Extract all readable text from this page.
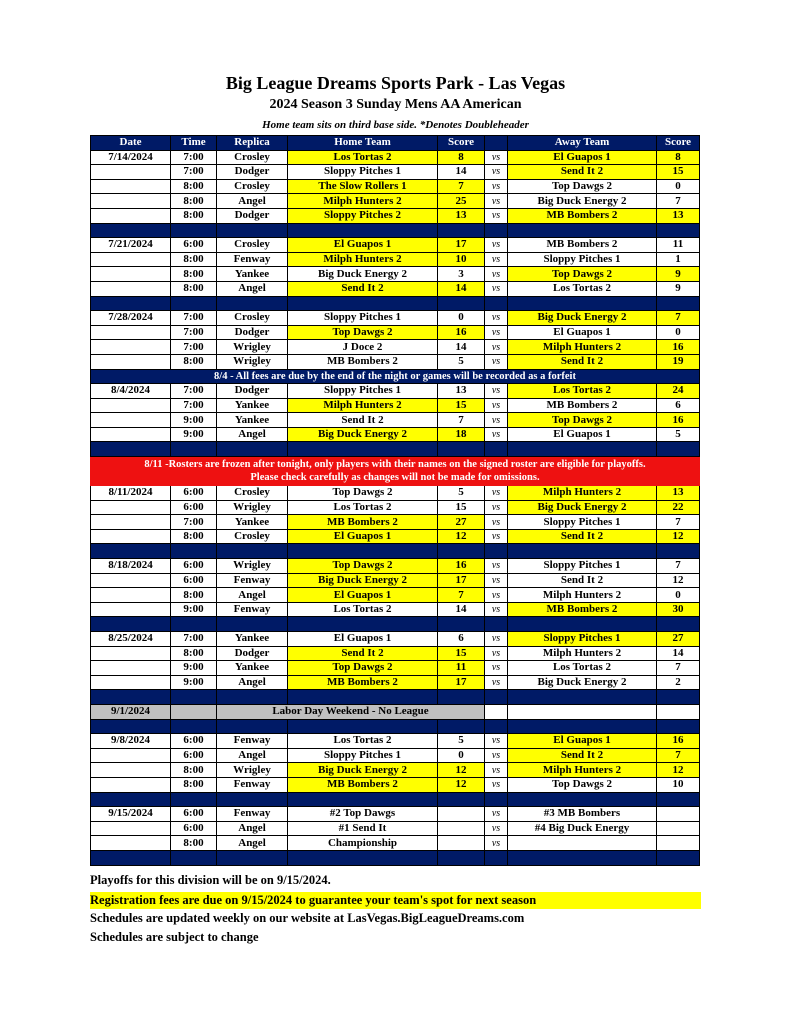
Big League Dreams Sports Park - Las Vegas
2024 Season 3 Sunday Mens AA American
Home team sits on third base side. *Denotes Doubleheader
Date	Time	Replica	Home Team	Score		Away Team	Score
7/14/2024	7:00	Crosley	Los Tortas 2	8	vs	El Guapos 1	8
	7:00	Dodger	Sloppy Pitches 1	14	vs	Send It 2	15
	8:00	Crosley	The Slow Rollers 1	7	vs	Top Dawgs 2	0
	8:00	Angel	Milph Hunters 2	25	vs	Big Duck Energy 2	7
	8:00	Dodger	Sloppy Pitches 2	13	vs	MB Bombers 2	13

7/21/2024	6:00	Crosley	El Guapos 1	17	vs	MB Bombers 2	11
	8:00	Fenway	Milph Hunters 2	10	vs	Sloppy Pitches 1	1
	8:00	Yankee	Big Duck Energy 2	3	vs	Top Dawgs 2	9
	8:00	Angel	Send It 2	14	vs	Los Tortas 2	9

7/28/2024	7:00	Crosley	Sloppy Pitches 1	0	vs	Big Duck Energy 2	7
	7:00	Dodger	Top Dawgs 2	16	vs	El Guapos 1	0
	7:00	Wrigley	J Doce 2	14	vs	Milph Hunters 2	16
	8:00	Wrigley	MB Bombers 2	5	vs	Send It 2	19
8/4 - All fees are due by the end of the night or games will be recorded as a forfeit							
8/4/2024	7:00	Dodger	Sloppy Pitches 1	13	vs	Los Tortas 2	24
	7:00	Yankee	Milph Hunters 2	15	vs	MB Bombers 2	6
	9:00	Yankee	Send It 2	7	vs	Top Dawgs 2	16
	9:00	Angel	Big Duck Energy 2	18	vs	El Guapos 1	5

8/11 -Rosters are frozen after tonight, only players with their names on the signed roster are eligible for playoffs.
Please check carefully as changes will not be made for omissions.							

8/11/2024	6:00	Crosley	Top Dawgs 2	5	vs	Milph Hunters 2	13
	6:00	Wrigley	Los Tortas 2	15	vs	Big Duck Energy 2	22
	7:00	Yankee	MB Bombers 2	27	vs	Sloppy Pitches 1	7
	8:00	Crosley	El Guapos 1	12	vs	Send It 2	12

8/18/2024	6:00	Wrigley	Top Dawgs 2	16	vs	Sloppy Pitches 1	7
	6:00	Fenway	Big Duck Energy 2	17	vs	Send It 2	12
	8:00	Angel	El Guapos 1	7	vs	Milph Hunters 2	0
	9:00	Fenway	Los Tortas 2	14	vs	MB Bombers 2	30

8/25/2024	7:00	Yankee	El Guapos 1	6	vs	Sloppy Pitches 1	27
	8:00	Dodger	Send It 2	15	vs	Milph Hunters 2	14
	9:00	Yankee	Top Dawgs 2	11	vs	Los Tortas 2	7
	9:00	Angel	MB Bombers 2	17	vs	Big Duck Energy 2	2

9/1/2024		Labor Day Weekend - No League					

9/8/2024	6:00	Fenway	Los Tortas 2	5	vs	El Guapos 1	16
	6:00	Angel	Sloppy Pitches 1	0	vs	Send It 2	7
	8:00	Wrigley	Big Duck Energy 2	12	vs	Milph Hunters 2	12
	8:00	Fenway	MB Bombers 2	12	vs	Top Dawgs 2	10

9/15/2024	6:00	Fenway	#2 Top Dawgs		vs	#3 MB Bombers	
	6:00	Angel	#1 Send It		vs	#4 Big Duck Energy	
	8:00	Angel	Championship		vs		

Playoffs for this division will be on 9/15/2024.
Registration fees are due on 9/15/2024 to guarantee your team's spot for next season
Schedules are updated weekly on our website at LasVegas.BigLeagueDreams.com
Schedules are subject to change
